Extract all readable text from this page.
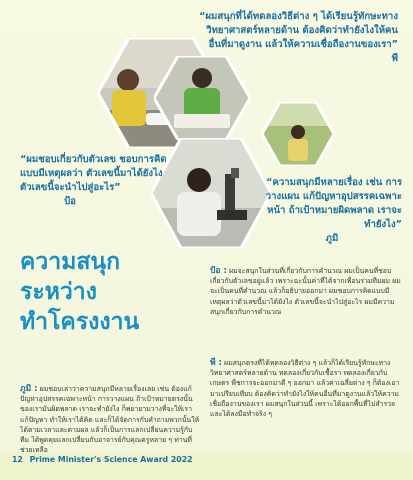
“ผมสนุกที่ได้ทดลองวิธีต่าง ๆ ได้เรียนรู้ทักษะทางวิทยาศาสตร์หลายด้าน ต้องคิดว่าทำยังไงให้คนอื่นที่มาดูงาน แล้วให้ความเชื่อถืองานของเรา”
พี
“ผมชอบเกี่ยวกับตัวเลข ชอบการคิดแบบมีเหตุผลว่า ตัวเลขนี้มาได้ยังไง ตัวเลขนี้จะนำไปสู่อะไร”
ป้อ
“ความสนุกมีหลายเรื่อง เช่น การวางแผน แก้ปัญหาอุปสรรคเฉพาะหน้า ถ้าเป้าหมายผิดพลาด เราจะทำยังไง”
ภูมิ
ความสนุก
ระหว่าง
ทำโครงงาน
ภูมิ : ผมชอบเล่าว่าความสนุกมีหลายเรื่องเลย เช่น ต้องแก้ปัญหาอุปสรรคเฉพาะหน้า การวางแผน ถ้าเป้าหมายตรงนั้นของเรามันผิดพลาด เราจะทำยังไง ก็พยายามวางที่จะให้เราแก้ปัญหา ทำให้เราได้คิด และก็ได้จัดการกับคำถามพวกนั้นให้ได้ตามเวลาและตามผล แล้วก็เป็นการแลกเปลี่ยนความรู้กับทีม ได้พูดคุยแลกเปลี่ยนกับอาจารย์กับคุณครูหลาย ๆ ท่านที่ช่วยเหลือ
ป้อ : ผมจะสนุกในส่วนที่เกี่ยวกับการคำนวณ ผมเป็นคนที่ชอบเกี่ยวกับตัวเลขอยู่แล้ว เพราะฉะนั้นค่าที่ได้จากเพื่อนร่วมทีมผม ผมจะเป็นคนที่คำนวณ แล้วก็อธิบายออกมา ผมชอบการคิดแบบมีเหตุผลว่าตัวเลขนี้มาได้ยังไง ตัวเลขนี้จะนำไปสู่อะไร ผมมีความสนุกเกี่ยวกับการคำนวณ
พี : ผมสนุกตรงที่ได้ทดลองวิธีต่าง ๆ แล้วก็ได้เรียนรู้ทักษะทางวิทยาศาสตร์หลายด้าน ทดลองเกี่ยวกับเชื้อรา ทดลองเกี่ยวกับเกษตร พืชการจะออกมาดี ๆ ออกมา แล้วค่าเฉลี่ยต่าง ๆ ก็ต้องเอามาเปรียบเทียบ ต้องคิดว่าทำยังไงให้คนอื่นที่มาดูงานแล้วให้ความเชื่อถืองานของเรา ผมสนุกในส่วนนี้ เพราะได้ออกพื้นที่ไปสำรวจและได้ลงมือทำจริง ๆ
12 Prime Minister's Science Award 2022
